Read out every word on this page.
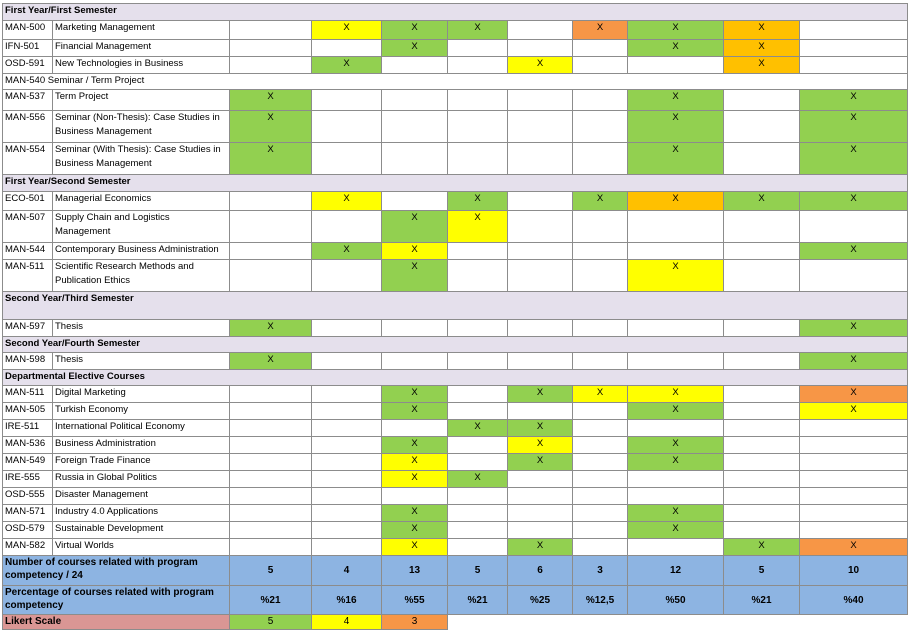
First Year/First Semester										
MAN-500	Marketing Management		X	X	X		X	X	X	
IFN-501	Financial Management			X				X	X	
OSD-591	New Technologies in Business		X			X			X	
MAN-540 Seminar / Term Project										
MAN-537	Term Project	X						X		X
MAN-556	Seminar (Non-Thesis): Case Studies in Business Management	X						X		X
MAN-554	Seminar (With Thesis): Case Studies in Business Management	X						X		X
First Year/Second Semester										
ECO-501	Managerial Economics		X		X		X	X	X	X
MAN-507	Supply Chain and Logistics Management			X	X					
MAN-544	Contemporary Business Administration		X	X						X
MAN-511	Scientific Research Methods and Publication Ethics			X				X		
Second Year/Third Semester										
MAN-597	Thesis	X								X
Second Year/Fourth Semester										
MAN-598	Thesis	X								X
Departmental Elective Courses										
MAN-511	Digital Marketing			X		X	X	X		X
MAN-505	Turkish Economy			X				X		X
IRE-511	International Political Economy				X	X				
MAN-536	Business Administration			X		X		X		
MAN-549	Foreign Trade Finance			X		X		X		
IRE-555	Russia in Global Politics			X	X					
OSD-555	Disaster Management									
MAN-571	Industry 4.0 Applications			X				X		
OSD-579	Sustainable Development			X				X		
MAN-582	Virtual Worlds			X		X			X	X
Number of courses related with program competency / 24		5	4	13	5	6	3	12	5	10
Percentage of courses related with program competency		%21	%16	%55	%21	%25	%12,5	%50	%21	%40
Likert Scale		5	4	3						
